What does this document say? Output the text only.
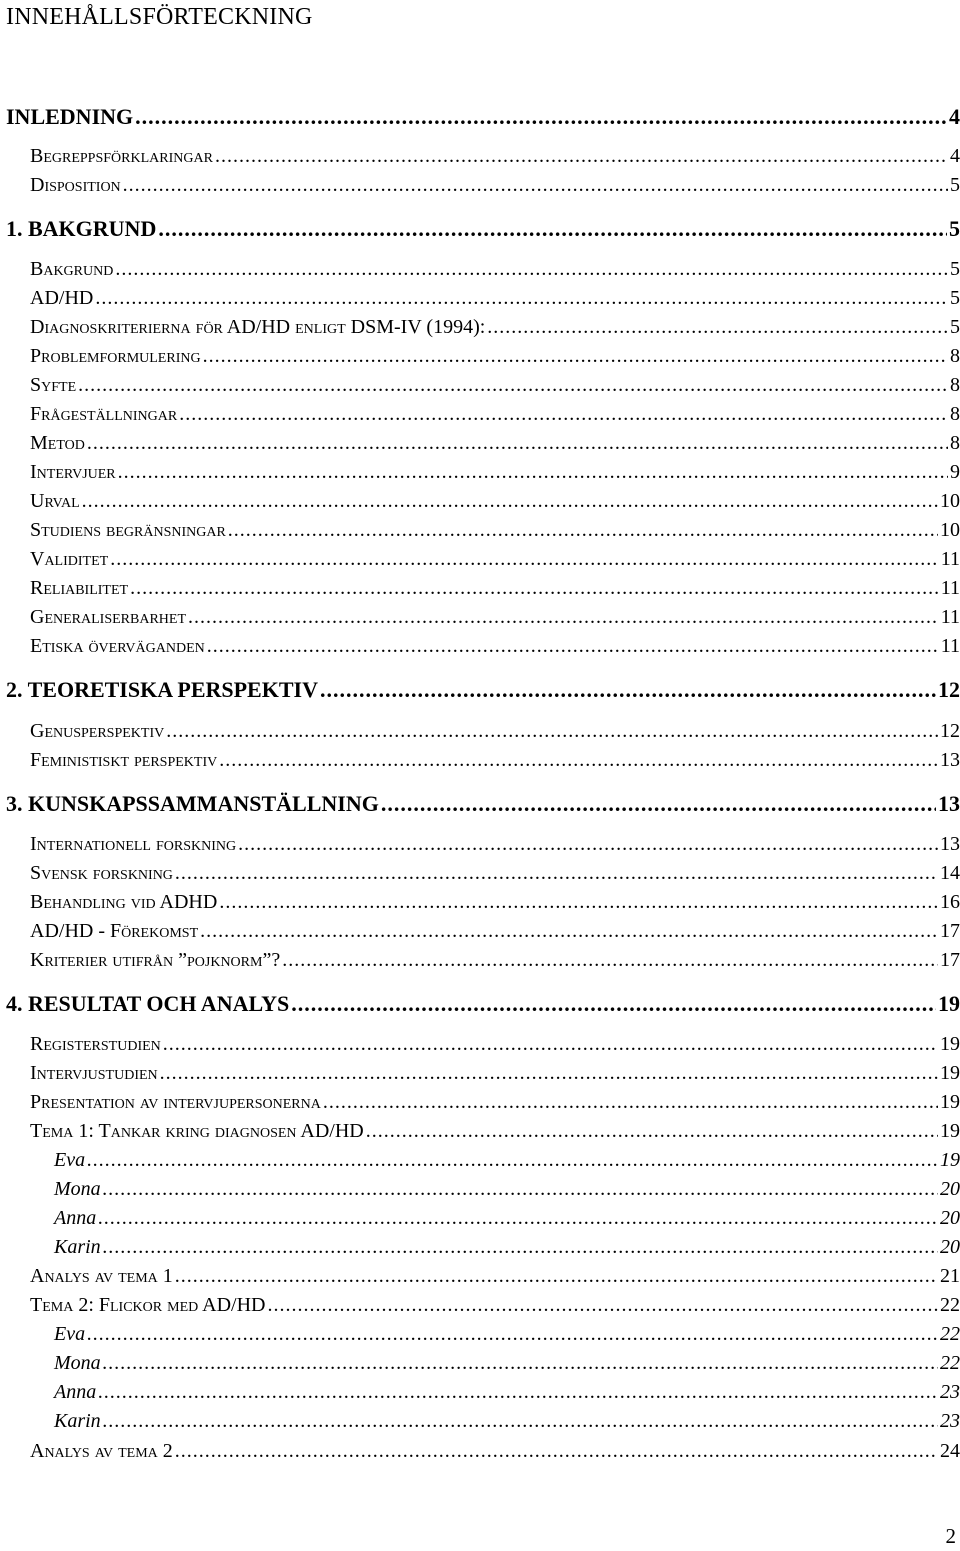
INNEHÅLLSFÖRTECKNING
INLEDNING .....	4
Begreppsförklaringar .....	4
Disposition .....	5
1. BAKGRUND .....	5
Bakgrund .....	5
AD/HD .....	5
Diagnoskriterierna för AD/HD enligt DSM-IV (1994): .....	5
Problemformulering .....	8
Syfte .....	8
Frågeställningar .....	8
Metod .....	8
Intervjuer .....	9
Urval .....	10
Studiens begränsningar .....	10
Validitet .....	11
Reliabilitet .....	11
Generaliserbarhet .....	11
Etiska överväganden .....	11
2. TEORETISKA PERSPEKTIV .....	12
Genusperspektiv .....	12
Feministiskt perspektiv .....	13
3. KUNSKAPSSAMMANSTÄLLNING .....	13
Internationell forskning .....	13
Svensk forskning .....	14
Behandling vid ADHD .....	16
AD/HD - Förekomst .....	17
Kriterier utifrån ”pojknorm”? .....	17
4. RESULTAT OCH ANALYS .....	19
Registerstudien .....	19
Intervjustudien .....	19
Presentation av intervjupersonerna .....	19
Tema 1: Tankar kring diagnosen AD/HD .....	19
Eva .....	19
Mona .....	20
Anna .....	20
Karin .....	20
Analys av tema 1 .....	21
Tema 2: Flickor med AD/HD .....	22
Eva .....	22
Mona .....	22
Anna .....	23
Karin .....	23
Analys av tema 2 .....	24
2
